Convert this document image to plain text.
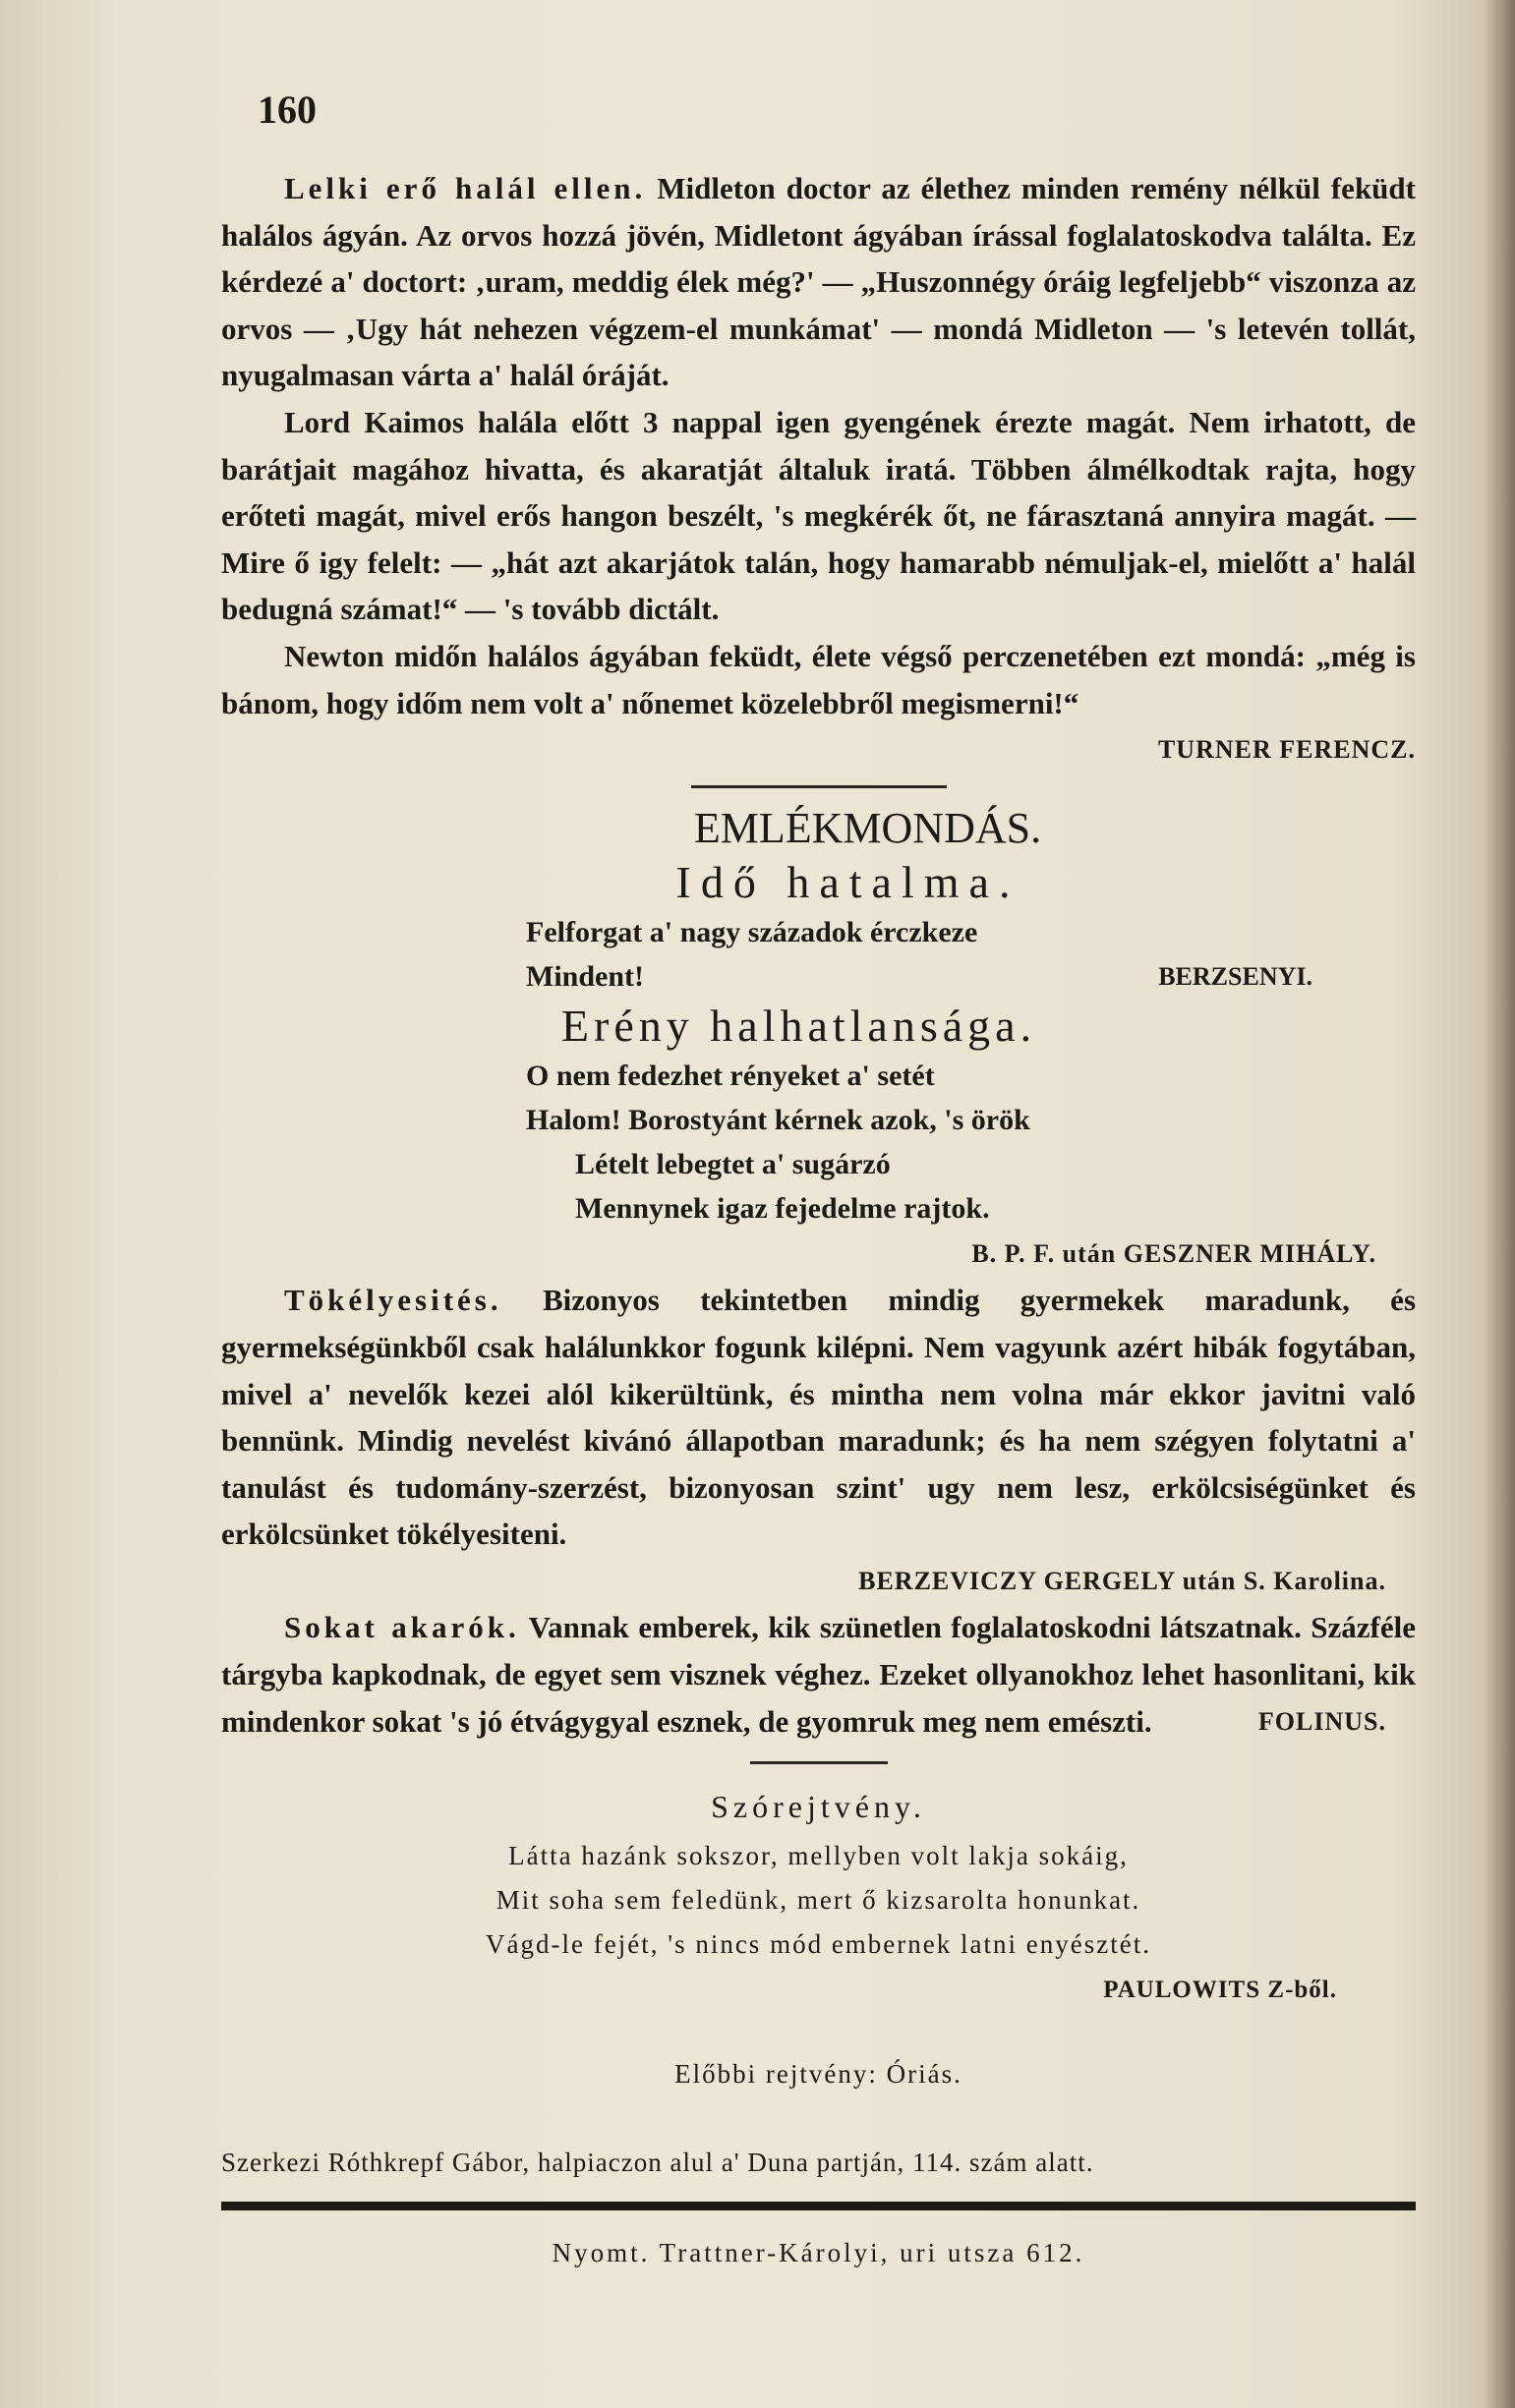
160

Lelki erő halál ellen. Midleton doctor az élethez minden remény nélkül feküdt halálos ágyán. Az orvos hozzá jövén, Midletont ágyában írással foglalatoskodva találta. Ez kérdezé a' doctort: ‚uram, meddig élek még?' — „Huszonnégy óráig legfeljebb“ viszonza az orvos — ‚Ugy hát nehezen végzem-el munkámat' — mondá Midleton — 's letevén tollát, nyugalmasan várta a' halál óráját.

Lord Kaimos halála előtt 3 nappal igen gyengének érezte magát. Nem irhatott, de barátjait magához hivatta, és akaratját általuk iratá. Többen álmélkodtak rajta, hogy erőteti magát, mivel erős hangon beszélt, 's megkérék őt, ne fárasztaná annyira magát. — Mire ő igy felelt: — „hát azt akarjátok talán, hogy hamarabb némuljak-el, mielőtt a' halál bedugná számat!“ — 's tovább dictált.

Newton midőn halálos ágyában feküdt, élete végső perczenetében ezt mondá: „még is bánom, hogy időm nem volt a' nőnemet közelebbről megismerni!“

TURNER FERENCZ.

EMLÉKMONDÁS.
Idő hatalma.
Felforgat a' nagy századok érczkeze
Mindent!	BERZSENYI.
Erény halhatlansága.
O nem fedezhet rényeket a' setét
Halom! Borostyánt kérnek azok, 's örök
Lételt lebegtet a' sugárzó
Mennynek igaz fejedelme rajtok.

B. P. F. után GESZNER MIHÁLY.

Tökélyesités. Bizonyos tekintetben mindig gyermekek maradunk, és gyermekségünkből csak halálunkkor fogunk kilépni. Nem vagyunk azért hibák fogytában, mivel a' nevelők kezei alól kikerültünk, és mintha nem volna már ekkor javitni való bennünk. Mindig nevelést kivánó állapotban maradunk; és ha nem szégyen folytatni a' tanulást és tudomány-szerzést, bizonyosan szint' ugy nem lesz, erkölcsiségünket és erkölcsünket tökélyesiteni.

BERZEVICZY GERGELY után S. Karolina.

Sokat akarók. Vannak emberek, kik szünetlen foglalatoskodni látszatnak. Százféle tárgyba kapkodnak, de egyet sem visznek véghez. Ezeket ollyanokhoz lehet hasonlitani, kik mindenkor sokat 's jó étvágygyal esznek, de gyomruk meg nem emészti.	FOLINUS.

Szórejtvény.
Látta hazánk sokszor, mellyben volt lakja sokáig,
Mit soha sem feledünk, mert ő kizsarolta honunkat.
Vágd-le fejét, 's nincs mód embernek latni enyésztét.

PAULOWITS Z-ből.

Előbbi rejtvény: Óriás.
Szerkezi Róthkrepf Gábor, halpiaczon alul a' Duna partján, 114. szám alatt.
Nyomt. Trattner-Károlyi, uri utsza 612.
